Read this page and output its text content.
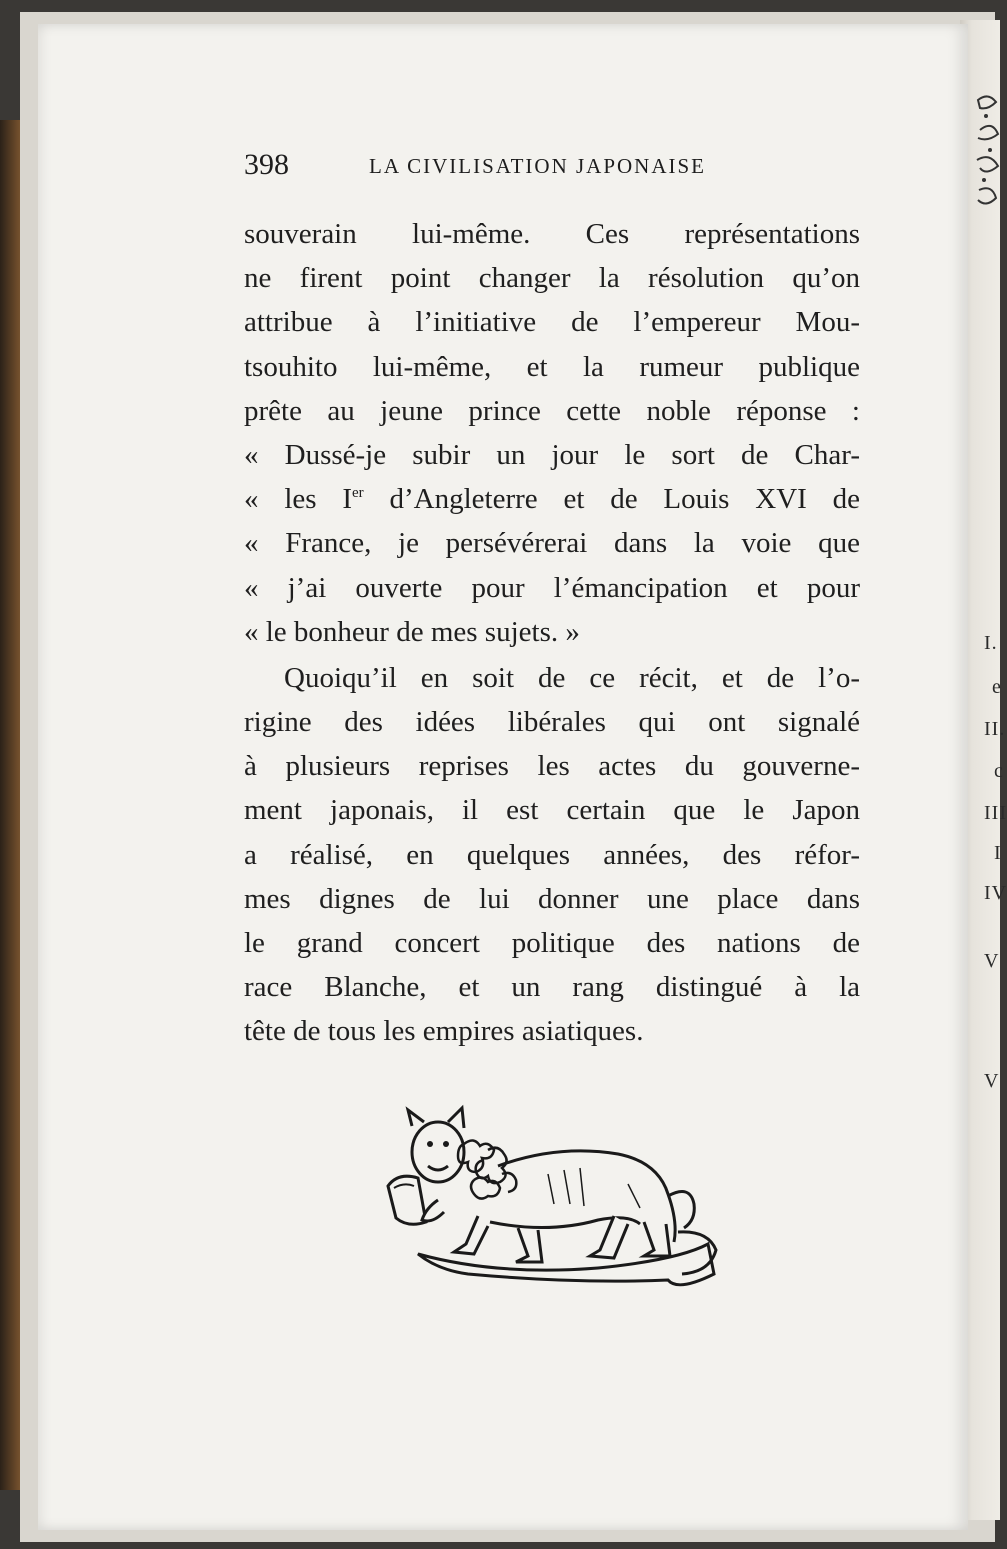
I.
e
II.
c
III
I
IV
V
V
398	LA CIVILISATION JAPONAISE
souverain lui-même. Ces représentations
ne firent point changer la résolution qu’on
attribue à l’initiative de l’empereur Mou-
tsouhito lui-même, et la rumeur publique
prête au jeune prince cette noble réponse :
« Dussé-je subir un jour le sort de Char-
« les Ier d’Angleterre et de Louis XVI de
« France, je persévérerai dans la voie que
« j’ai ouverte pour l’émancipation et pour
« le bonheur de mes sujets. »
Quoiqu’il en soit de ce récit, et de l’o-
rigine des idées libérales qui ont signalé
à plusieurs reprises les actes du gouverne-
ment japonais, il est certain que le Japon
a réalisé, en quelques années, des réfor-
mes dignes de lui donner une place dans
le grand concert politique des nations de
race Blanche, et un rang distingué à la
tête de tous les empires asiatiques.
